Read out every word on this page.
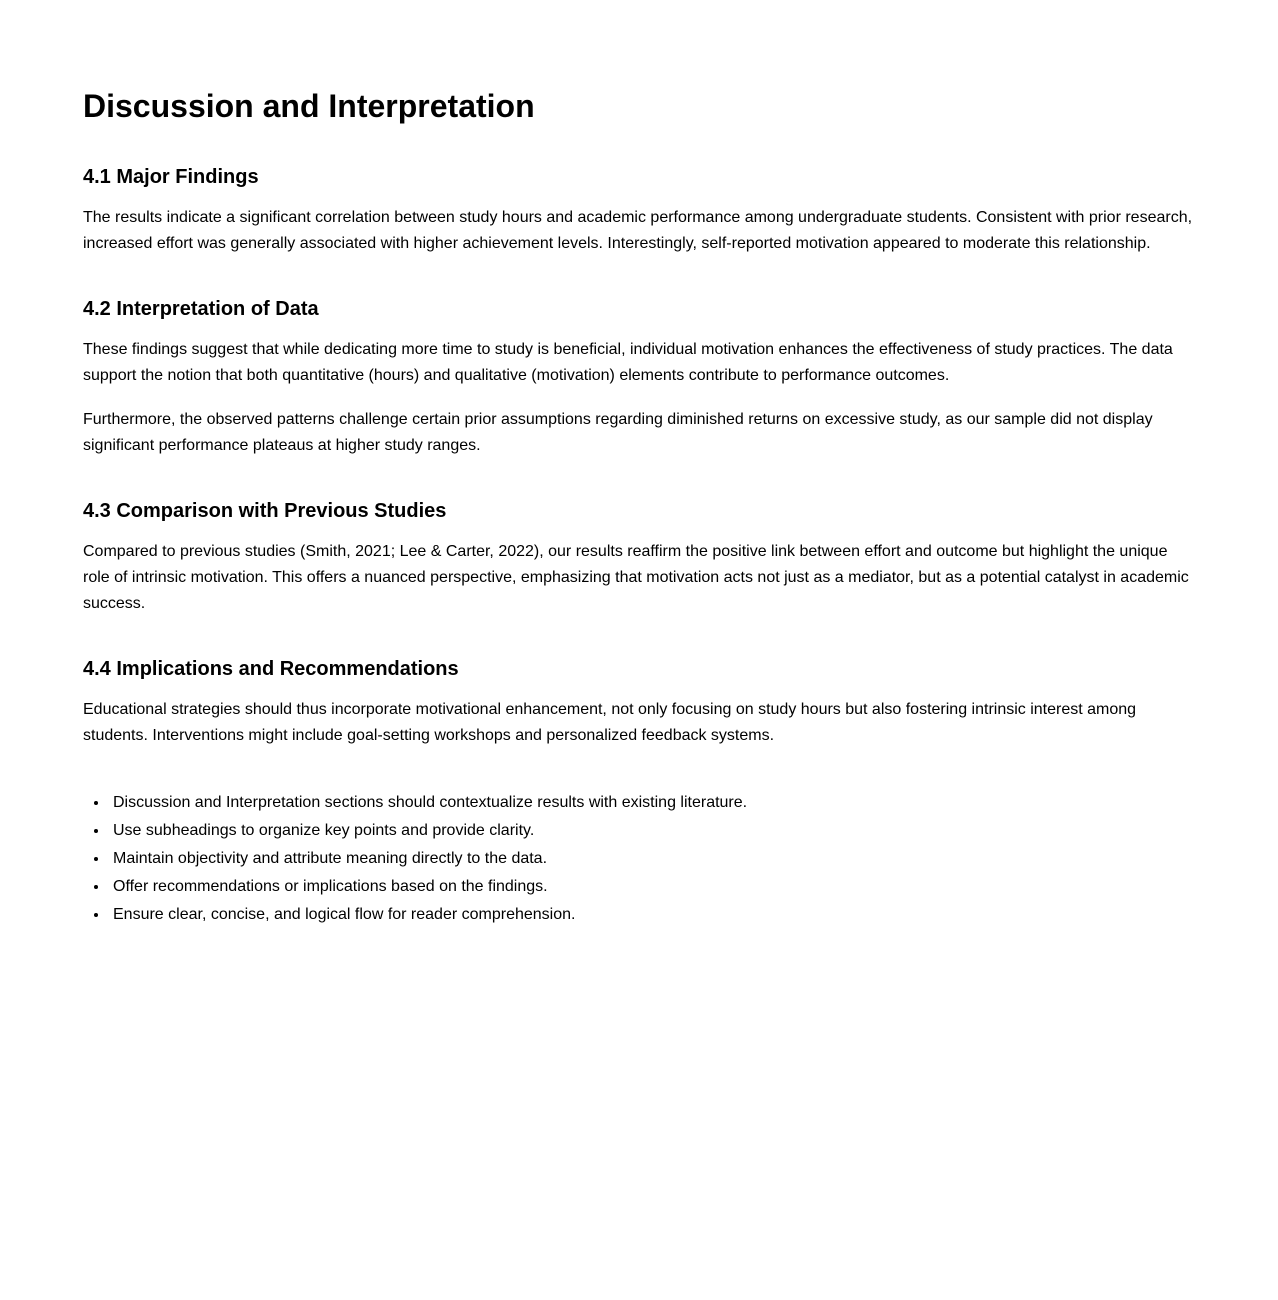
Discussion and Interpretation
4.1 Major Findings

The results indicate a significant correlation between study hours and academic performance among undergraduate students. Consistent with prior research, increased effort was generally associated with higher achievement levels. Interestingly, self-reported motivation appeared to moderate this relationship.

4.2 Interpretation of Data

These findings suggest that while dedicating more time to study is beneficial, individual motivation enhances the effectiveness of study practices. The data support the notion that both quantitative (hours) and qualitative (motivation) elements contribute to performance outcomes.

Furthermore, the observed patterns challenge certain prior assumptions regarding diminished returns on excessive study, as our sample did not display significant performance plateaus at higher study ranges.

4.3 Comparison with Previous Studies

Compared to previous studies (Smith, 2021; Lee & Carter, 2022), our results reaffirm the positive link between effort and outcome but highlight the unique role of intrinsic motivation. This offers a nuanced perspective, emphasizing that motivation acts not just as a mediator, but as a potential catalyst in academic success.

4.4 Implications and Recommendations

Educational strategies should thus incorporate motivational enhancement, not only focusing on study hours but also fostering intrinsic interest among students. Interventions might include goal-setting workshops and personalized feedback systems.

• Discussion and Interpretation sections should contextualize results with existing literature.
• Use subheadings to organize key points and provide clarity.
• Maintain objectivity and attribute meaning directly to the data.
• Offer recommendations or implications based on the findings.
• Ensure clear, concise, and logical flow for reader comprehension.
